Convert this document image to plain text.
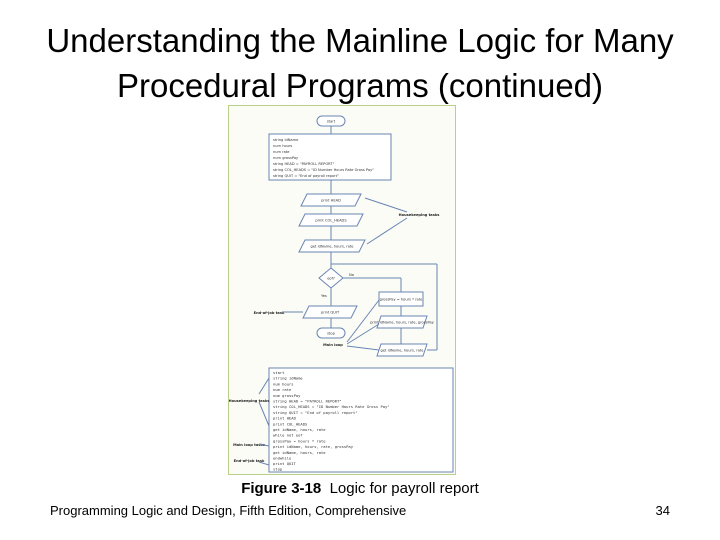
Understanding the Mainline Logic for Many
Procedural Programs (continued)
start
string idName
num hours
num rate
num grossPay
string HEAD = "PAYROLL REPORT"
string COL_HEADS = "ID Number Hours Rate Gross Pay"
string QUIT = "End of payroll report"
print HEAD
print COL_HEADS
get idName, hours, rate
Housekeeping tasks
eof?
No
Yes
grossPay = hours * rate
print idName, hours, rate, grossPay
get idName, hours, rate
print QUIT
stop
End-of-job task
Main loop
start
string idName
num hours
num rate
num grossPay
string HEAD = "PAYROLL REPORT"
string COL_HEADS = "ID Number Hours Rate Gross Pay"
string QUIT = "End of payroll report"
print HEAD
print COL_HEADS
get idName, hours, rate
while not eof
grossPay = hours * rate
print idName, hours, rate, grossPay
get idName, hours, rate
endwhile
print QUIT
stop
Housekeeping tasks
Main loop tasks
End-of-job task
Figure 3-18 Logic for payroll report
Programming Logic and Design, Fifth Edition, Comprehensive	34
